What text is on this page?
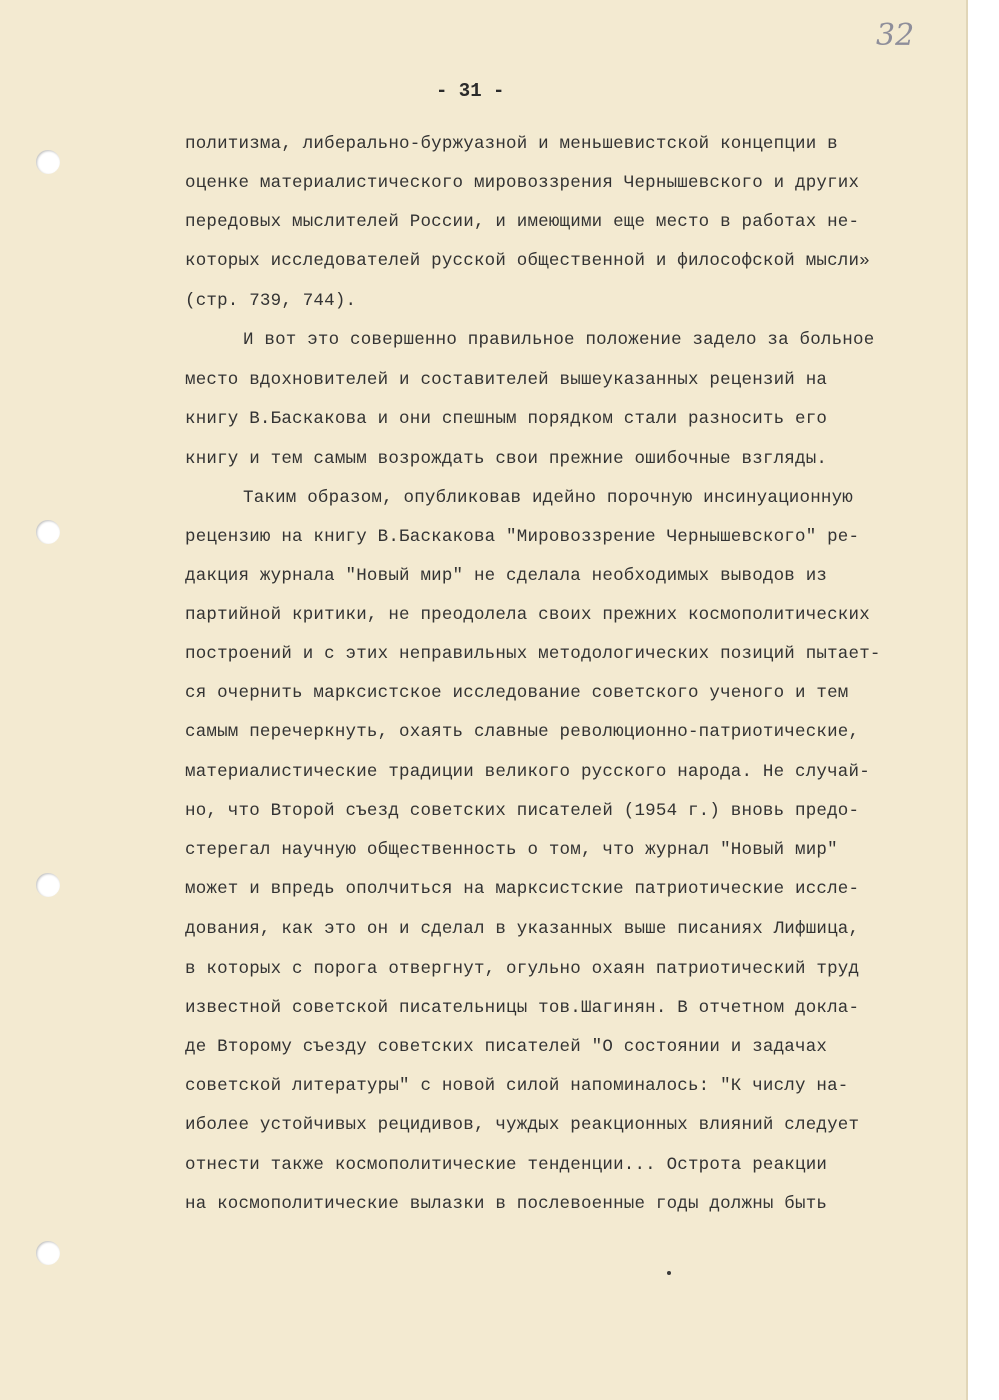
32
- 31 -
политизма, либерально-буржуазной и меньшевистской концепции в
оценке материалистического мировоззрения Чернышевского и других
передовых мыслителей России, и имеющими еще место в работах не-
которых исследователей русской общественной и философской мысли»
(стр. 739, 744).
И вот это совершенно правильное положение задело за больное
место вдохновителей и составителей вышеуказанных рецензий на
книгу В.Баскакова и они спешным порядком стали разносить его
книгу и тем самым возрождать свои прежние ошибочные взгляды.
Таким образом, опубликовав идейно порочную инсинуационную
рецензию на книгу В.Баскакова "Мировоззрение Чернышевского" ре-
дакция журнала "Новый мир" не сделала необходимых выводов из
партийной критики, не преодолела своих прежних космополитических
построений и с этих неправильных методологических позиций пытает-
ся очернить марксистское исследование советского ученого и тем
самым перечеркнуть, охаять славные революционно-патриотические,
материалистические традиции великого русского народа. Не случай-
но, что Второй съезд советских писателей (1954 г.) вновь предо-
стерегал научную общественность о том, что журнал "Новый мир"
может и впредь ополчиться на марксистские патриотические иссле-
дования, как это он и сделал в указанных выше писаниях Лифшица,
в которых с порога отвергнут, огульно охаян патриотический труд
известной советской писательницы тов.Шагинян. В отчетном докла-
де Второму съезду советских писателей "О состоянии и задачах
советской литературы" с новой силой напоминалось: "К числу на-
иболее устойчивых рецидивов, чуждых реакционных влияний следует
отнести также космополитические тенденции... Острота реакции
на космополитические вылазки в послевоенные годы должны быть
